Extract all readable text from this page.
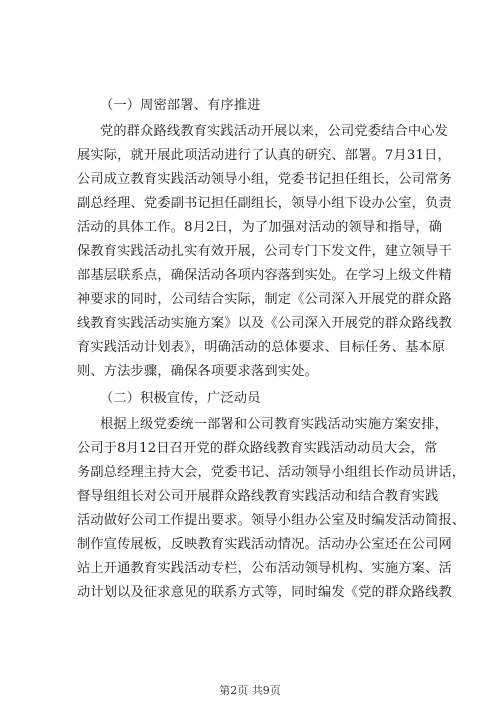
（一）周密部署、有序推进
党的群众路线教育实践活动开展以来，公司党委结合中心发
展实际，就开展此项活动进行了认真的研究、部署。7月31日，
公司成立教育实践活动领导小组，党委书记担任组长，公司常务
副总经理、党委副书记担任副组长，领导小组下设办公室，负责
活动的具体工作。8月2日，为了加强对活动的领导和指导，确
保教育实践活动扎实有效开展，公司专门下发文件，建立领导干
部基层联系点，确保活动各项内容落到实处。在学习上级文件精
神要求的同时，公司结合实际，制定《公司深入开展党的群众路
线教育实践活动实施方案》以及《公司深入开展党的群众路线教
育实践活动计划表》，明确活动的总体要求、目标任务、基本原
则、方法步骤，确保各项要求落到实处。
（二）积极宣传，广泛动员
根据上级党委统一部署和公司教育实践活动实施方案安排，
公司于8月12日召开党的群众路线教育实践活动动员大会，常
务副总经理主持大会，党委书记、活动领导小组组长作动员讲话，
督导组组长对公司开展群众路线教育实践活动和结合教育实践
活动做好公司工作提出要求。领导小组办公室及时编发活动简报、
制作宣传展板，反映教育实践活动情况。活动办公室还在公司网
站上开通教育实践活动专栏，公布活动领导机构、实施方案、活
动计划以及征求意见的联系方式等，同时编发《党的群众路线教
第2页 共9页
